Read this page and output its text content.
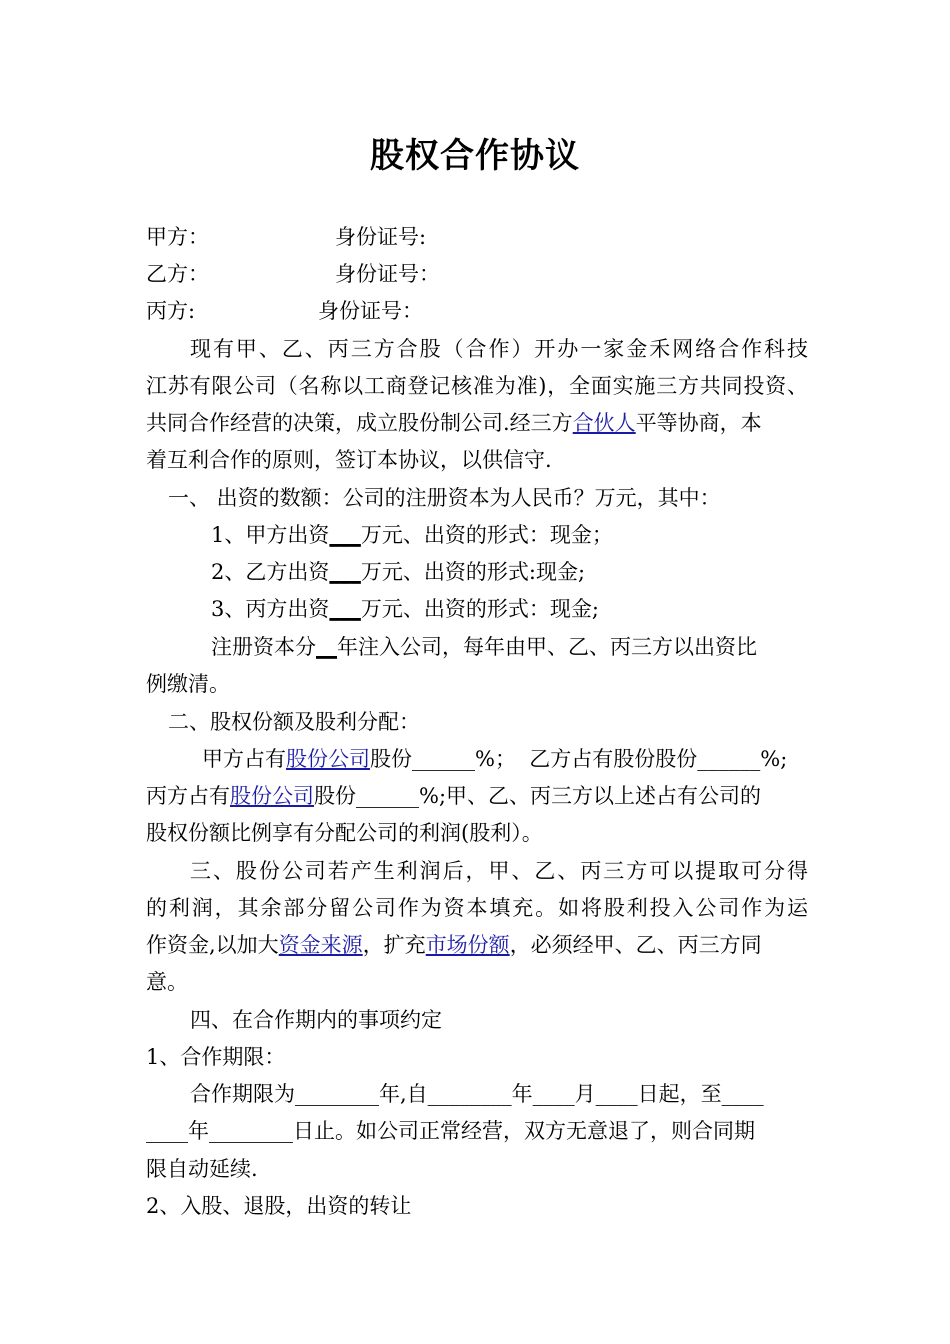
股权合作协议
甲方：	身份证号:
乙方：	身份证号：
丙方:	身份证号：
现有甲、乙、丙三方合股（合作）开办一家金禾网络合作科技
江苏有限公司（名称以工商登记核准为准)，全面实施三方共同投资、
共同合作经营的决策，成立股份制公司.经三方合伙人平等协商，本
着互利合作的原则，签订本协议，以供信守.
一、 出资的数额：公司的注册资本为人民币？万元，其中：
1、甲方出资___万元、出资的形式：现金；
2、乙方出资___万元、出资的形式:现金;
3、丙方出资___万元、出资的形式：现金;
注册资本分__年注入公司，每年由甲、乙、丙三方以出资比
例缴清。
二、股权份额及股利分配：
甲方占有股份公司股份______%；  乙方占有股份股份______%;
丙方占有股份公司股份______%;甲、乙、丙三方以上述占有公司的
股权份额比例享有分配公司的利润(股利）。
三、股份公司若产生利润后，甲、乙、丙三方可以提取可分得
的利润，其余部分留公司作为资本填充。如将股利投入公司作为运
作资金,以加大资金来源，扩充市场份额，必须经甲、乙、丙三方同
意。
四、在合作期内的事项约定
1、合作期限：
合作期限为________年,自________年____月____日起，至____
____年________日止。如公司正常经营，双方无意退了，则合同期
限自动延续.
2、入股、退股，出资的转让
